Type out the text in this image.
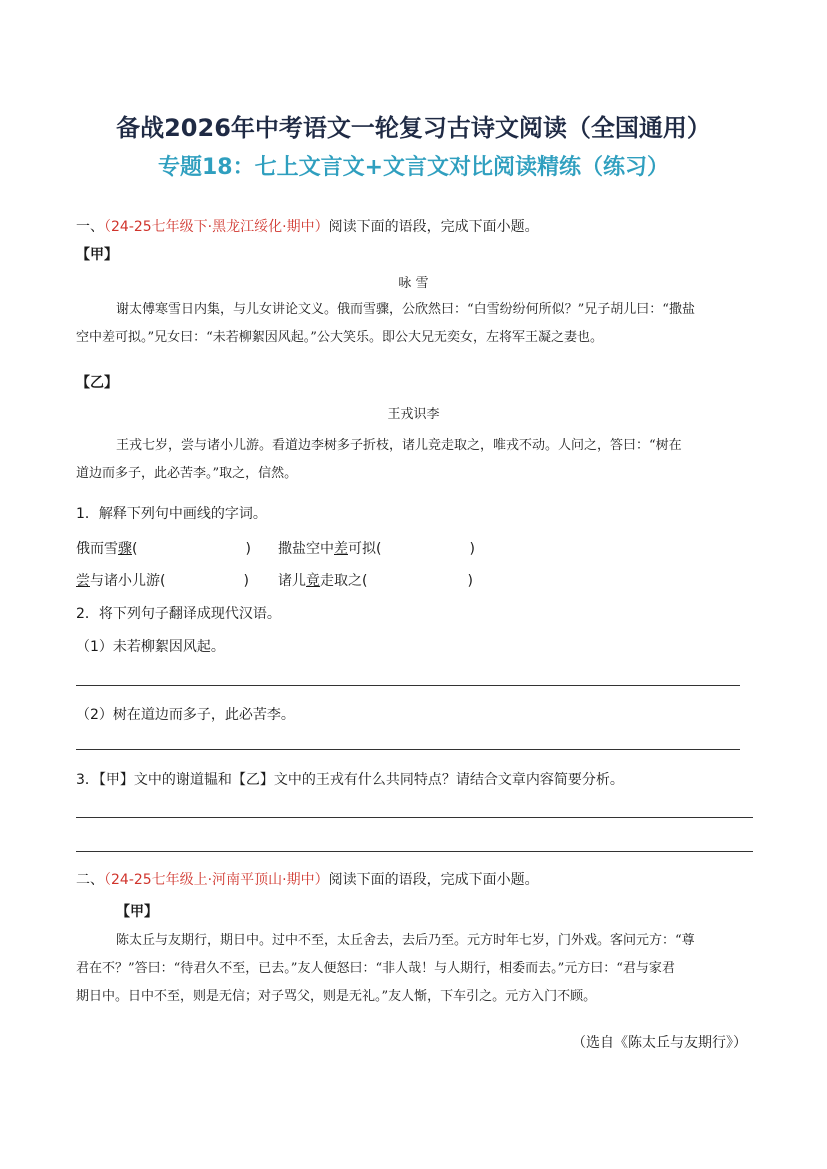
备战2026年中考语文一轮复习古诗文阅读（全国通用）
专题18：七上文言文+文言文对比阅读精练（练习）
一、（24-25七年级下·黑龙江绥化·期中）阅读下面的语段，完成下面小题。
【甲】
咏 雪
谢太傅寒雪日内集，与儿女讲论文义。俄而雪骤，公欣然曰：“白雪纷纷何所似？”兄子胡儿曰：“撒盐
空中差可拟。”兄女曰：“未若柳絮因风起。”公大笑乐。即公大兄无奕女，左将军王凝之妻也。
【乙】
王戎识李
王戎七岁，尝与诸小儿游。看道边李树多子折枝，诸儿竞走取之，唯戎不动。人问之，答曰：“树在
道边而多子，此必苦李。”取之，信然。
1．解释下列句中画线的字词。
俄而雪骤(	) 撒盐空中差可拟(	)
尝与诸小儿游(	) 诸儿竟走取之(	)
2．将下列句子翻译成现代汉语。
（1）未若柳絮因风起。
（2）树在道边而多子，此必苦李。
3．【甲】文中的谢道韫和【乙】文中的王戎有什么共同特点？请结合文章内容简要分析。
二、（24-25七年级上·河南平顶山·期中）阅读下面的语段，完成下面小题。
【甲】
陈太丘与友期行，期日中。过中不至，太丘舍去，去后乃至。元方时年七岁，门外戏。客问元方：“尊
君在不？”答曰：“待君久不至，已去。”友人便怒曰：“非人哉！与人期行，相委而去。”元方曰：“君与家君
期日中。日中不至，则是无信；对子骂父，则是无礼。”友人惭，下车引之。元方入门不顾。
（选自《陈太丘与友期行》）
